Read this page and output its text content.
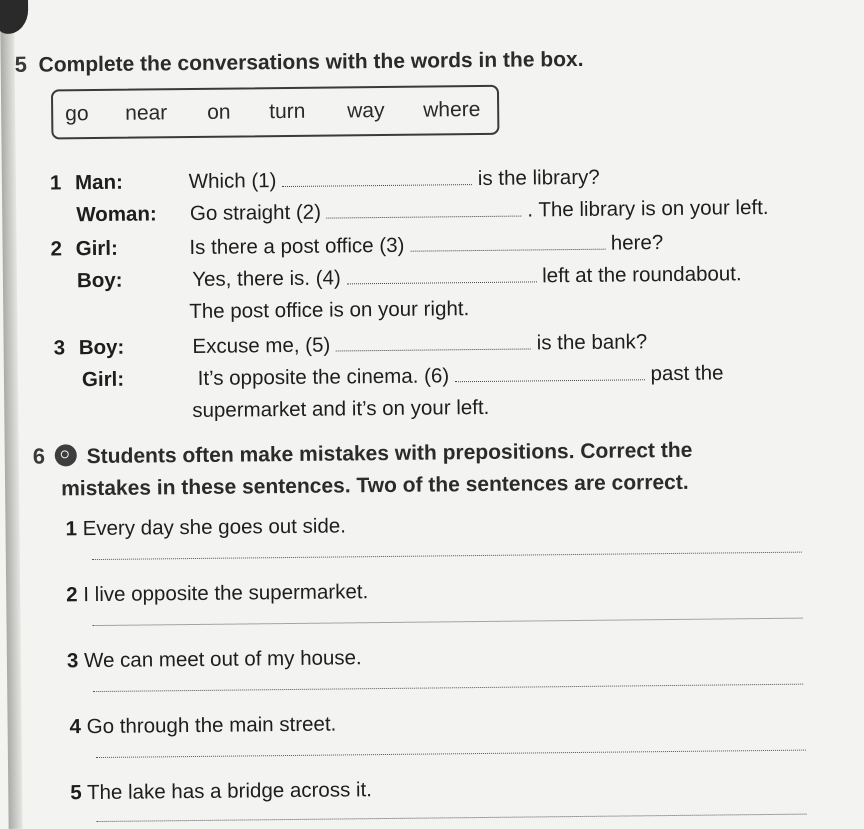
5 Complete the conversations with the words in the box.
go	near	on	turn	way	where
1 Man:	Which (1)	is the library?
Woman: Go straight (2)	. The library is on your left.
2 Girl:	Is there a post office (3)	here?
Boy:	Yes, there is. (4)	left at the roundabout.
The post office is on your right.
3 Boy:	Excuse me, (5)	is the bank?
Girl:	It’s opposite the cinema. (6)	past the
supermarket and it’s on your left.
6 Students often make mistakes with prepositions. Correct the
mistakes in these sentences. Two of the sentences are correct.
1 Every day she goes out side.
2 I live opposite the supermarket.
3 We can meet out of my house.
4 Go through the main street.
5 The lake has a bridge across it.
